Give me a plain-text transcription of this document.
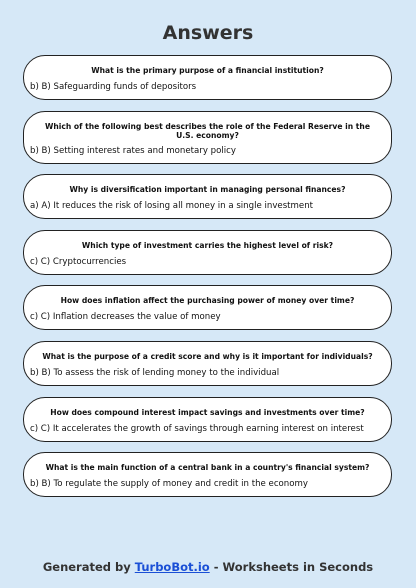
Answers
What is the primary purpose of a financial institution?
b) B) Safeguarding funds of depositors
Which of the following best describes the role of the Federal Reserve in the U.S. economy?
b) B) Setting interest rates and monetary policy
Why is diversification important in managing personal finances?
a) A) It reduces the risk of losing all money in a single investment
Which type of investment carries the highest level of risk?
c) C) Cryptocurrencies
How does inflation affect the purchasing power of money over time?
c) C) Inflation decreases the value of money
What is the purpose of a credit score and why is it important for individuals?
b) B) To assess the risk of lending money to the individual
How does compound interest impact savings and investments over time?
c) C) It accelerates the growth of savings through earning interest on interest
What is the main function of a central bank in a country's financial system?
b) B) To regulate the supply of money and credit in the economy
Generated by TurboBot.io - Worksheets in Seconds
